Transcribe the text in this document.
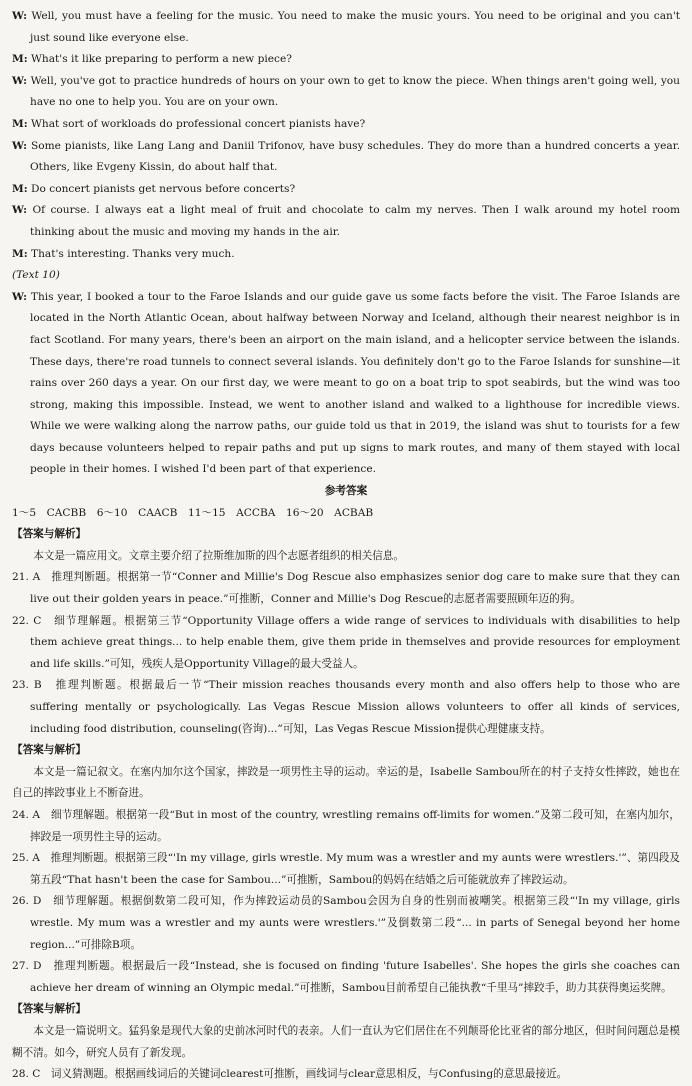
W: Well, you must have a feeling for the music. You need to make the music yours. You need to be original and you can't just sound like everyone else.

M: What's it like preparing to perform a new piece?

W: Well, you've got to practice hundreds of hours on your own to get to know the piece. When things aren't going well, you have no one to help you. You are on your own.

M: What sort of workloads do professional concert pianists have?

W: Some pianists, like Lang Lang and Daniil Trifonov, have busy schedules. They do more than a hundred concerts a year. Others, like Evgeny Kissin, do about half that.

M: Do concert pianists get nervous before concerts?

W: Of course. I always eat a light meal of fruit and chocolate to calm my nerves. Then I walk around my hotel room thinking about the music and moving my hands in the air.

M: That's interesting. Thanks very much.

(Text 10)

W: This year, I booked a tour to the Faroe Islands and our guide gave us some facts before the visit. The Faroe Islands are located in the North Atlantic Ocean, about halfway between Norway and Iceland, although their nearest neighbor is in fact Scotland. For many years, there's been an airport on the main island, and a helicopter service between the islands. These days, there're road tunnels to connect several islands. You definitely don't go to the Faroe Islands for sunshine—it rains over 260 days a year. On our first day, we were meant to go on a boat trip to spot seabirds, but the wind was too strong, making this impossible. Instead, we went to another island and walked to a lighthouse for incredible views. While we were walking along the narrow paths, our guide told us that in 2019, the island was shut to tourists for a few days because volunteers helped to repair paths and put up signs to mark routes, and many of them stayed with local people in their homes. I wished I'd been part of that experience.

参考答案

1～5　CACBB　6～10　CAACB　11～15　ACCBA　16～20　ACBAB

【答案与解析】

本文是一篇应用文。文章主要介绍了拉斯维加斯的四个志愿者组织的相关信息。

21. A　推理判断题。根据第一节“Conner and Millie's Dog Rescue also emphasizes senior dog care to make sure that they can live out their golden years in peace.”可推断，Conner and Millie's Dog Rescue的志愿者需要照顾年迈的狗。

22. C　细节理解题。根据第三节“Opportunity Village offers a wide range of services to individuals with disabilities to help them achieve great things... to help enable them, give them pride in themselves and provide resources for employment and life skills.”可知，残疾人是Opportunity Village的最大受益人。

23. B　推理判断题。根据最后一节“Their mission reaches thousands every month and also offers help to those who are suffering mentally or psychologically. Las Vegas Rescue Mission allows volunteers to offer all kinds of services, including food distribution, counseling(咨询)...”可知，Las Vegas Rescue Mission提供心理健康支持。

【答案与解析】

本文是一篇记叙文。在塞内加尔这个国家，摔跤是一项男性主导的运动。幸运的是，Isabelle Sambou所在的村子支持女性摔跤，她也在自己的摔跤事业上不断奋进。

24. A　细节理解题。根据第一段“But in most of the country, wrestling remains off-limits for women.”及第二段可知，在塞内加尔，摔跤是一项男性主导的运动。

25. A　推理判断题。根据第三段“'In my village, girls wrestle. My mum was a wrestler and my aunts were wrestlers.'”、第四段及第五段“That hasn't been the case for Sambou...”可推断，Sambou的妈妈在结婚之后可能就放弃了摔跤运动。

26. D　细节理解题。根据倒数第二段可知，作为摔跤运动员的Sambou会因为自身的性别而被嘲笑。根据第三段“'In my village, girls wrestle. My mum was a wrestler and my aunts were wrestlers.'”及倒数第二段“... in parts of Senegal beyond her home region...”可排除B项。

27. D　推理判断题。根据最后一段“Instead, she is focused on finding 'future Isabelles'. She hopes the girls she coaches can achieve her dream of winning an Olympic medal.”可推断，Sambou目前希望自己能执教“千里马”摔跤手，助力其获得奥运奖牌。

【答案与解析】

本文是一篇说明文。猛犸象是现代大象的史前冰河时代的表亲。人们一直认为它们居住在不列颠哥伦比亚省的部分地区，但时间问题总是模糊不清。如今，研究人员有了新发现。

28. C　词义猜测题。根据画线词后的关键词clearest可推断，画线词与clear意思相反，与Confusing的意思最接近。
